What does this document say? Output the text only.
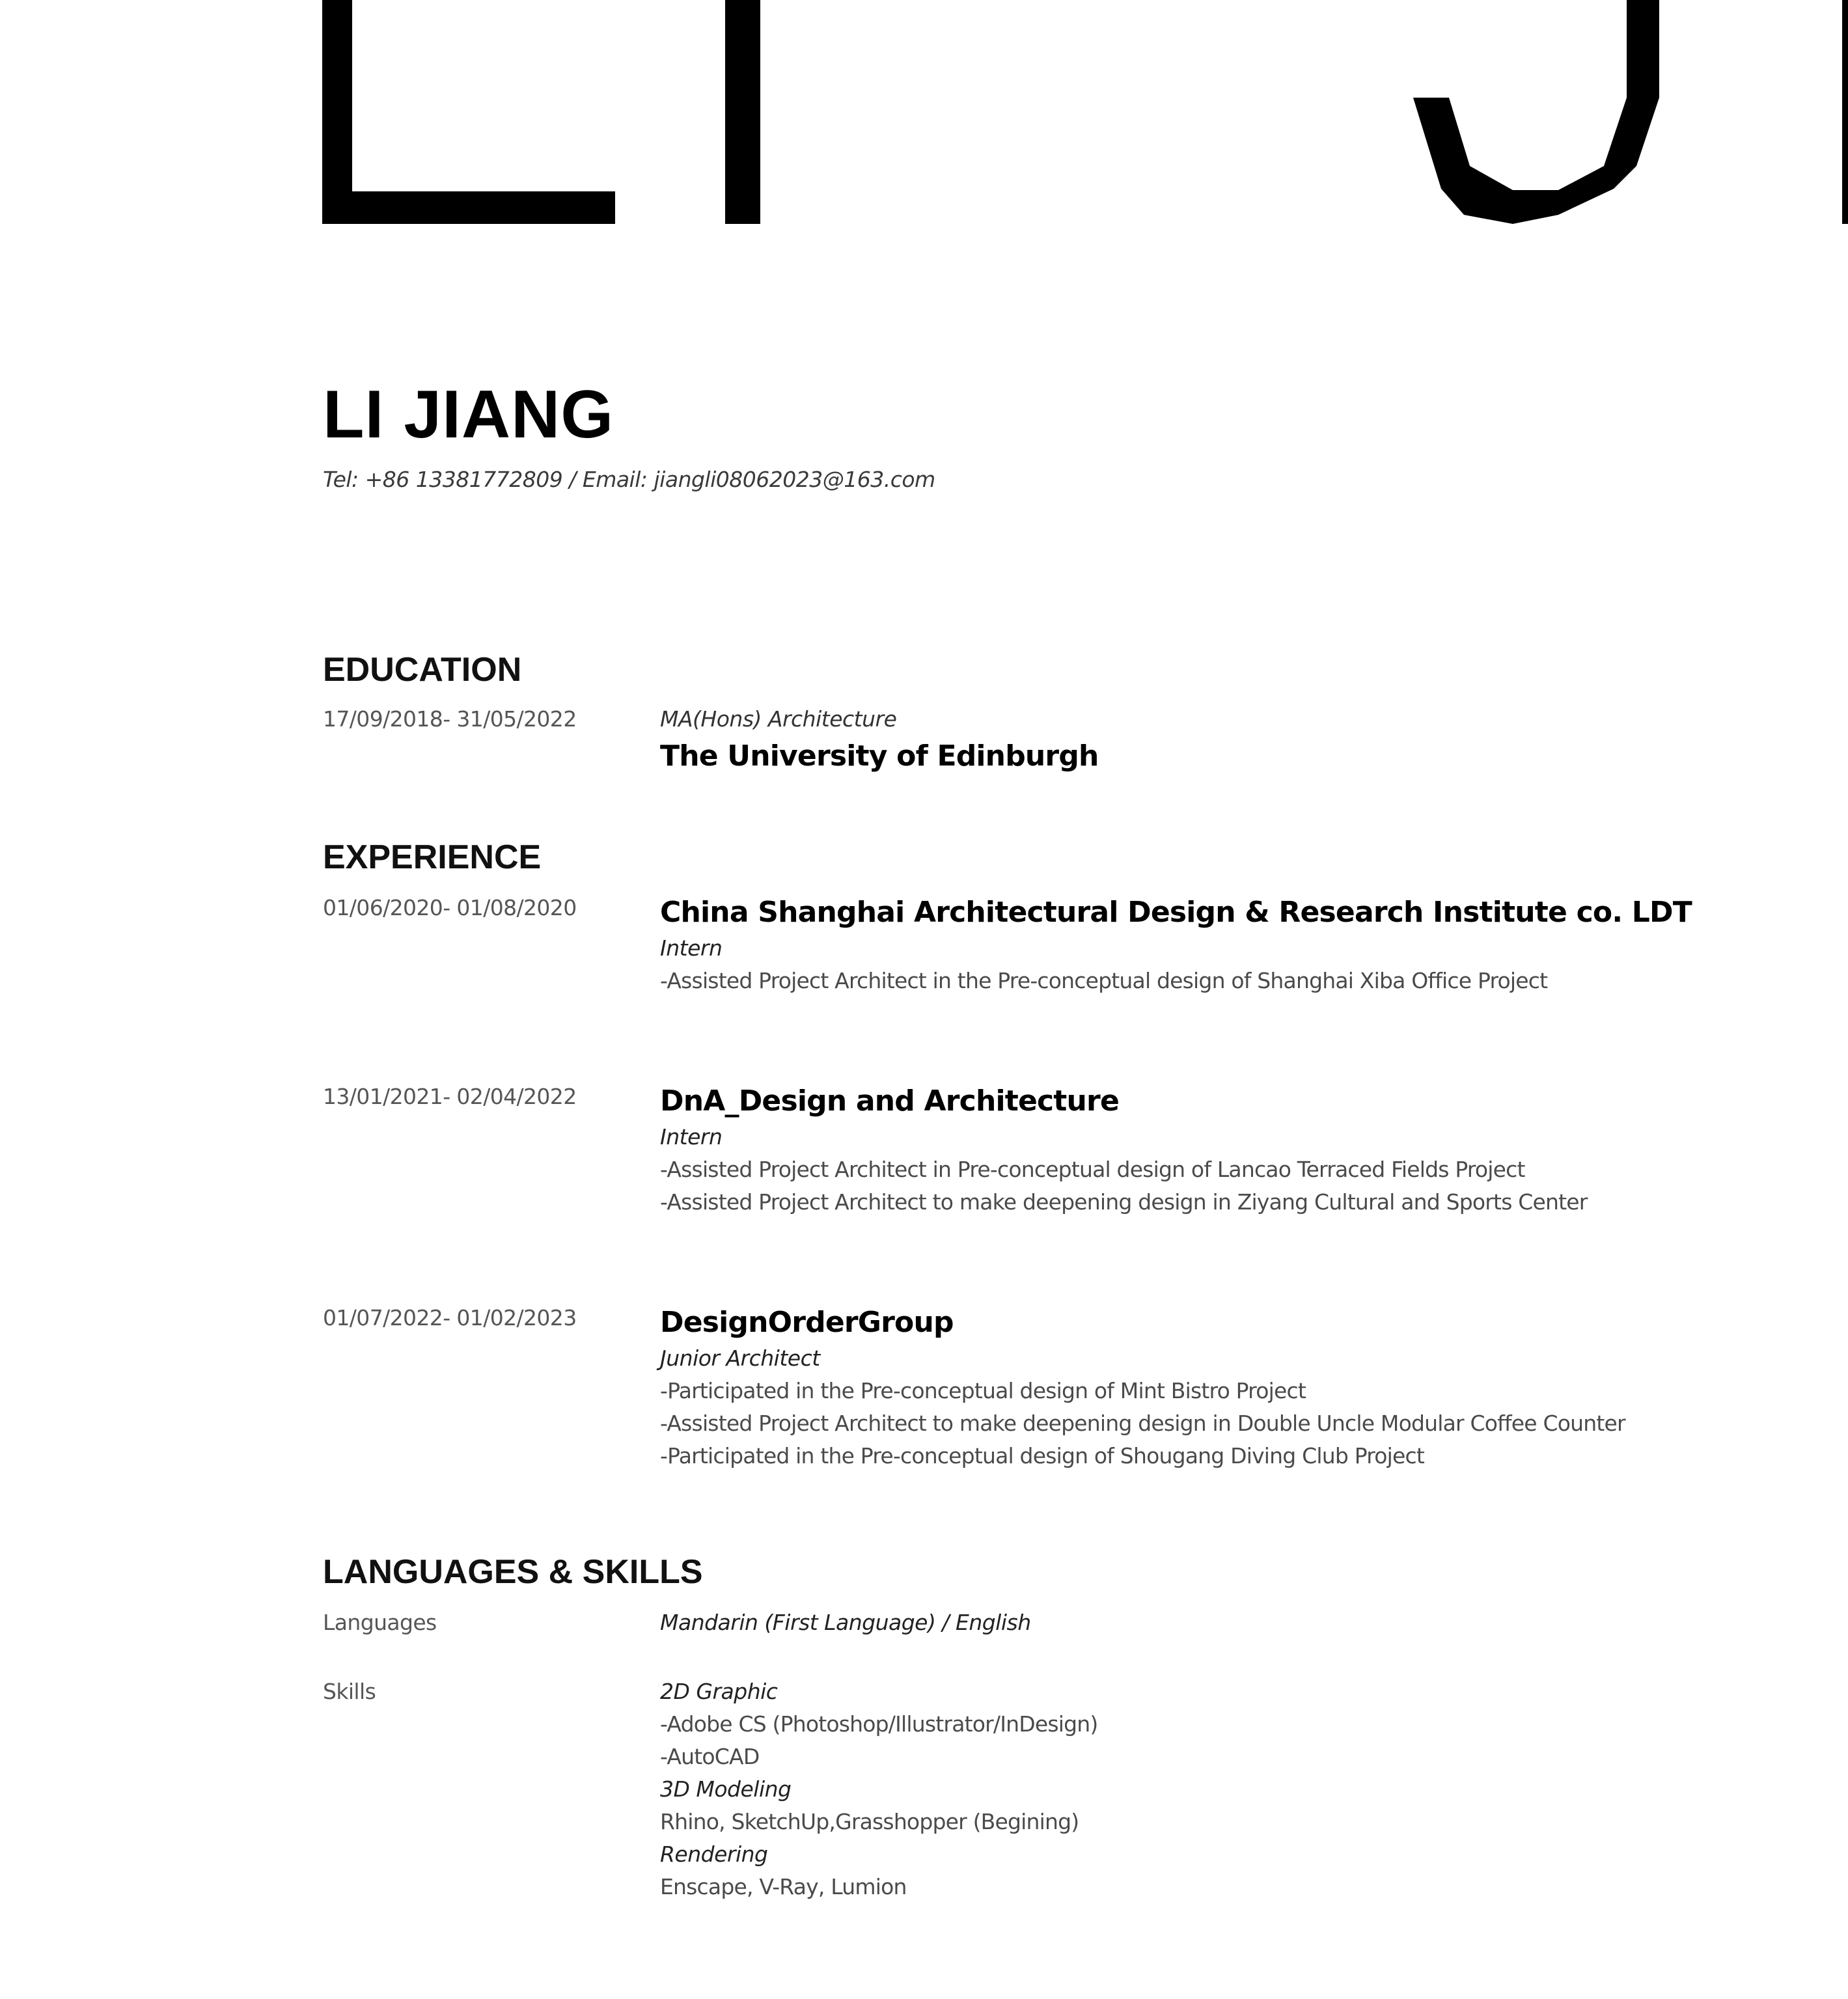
LI JIANG
Tel: +86 13381772809 / Email: jiangli08062023@163.com
EDUCATION
17/09/2018- 31/05/2022	MA(Hons) Architecture
The University of Edinburgh
EXPERIENCE
01/06/2020- 01/08/2020	China Shanghai Architectural Design & Research Institute co. LDT
Intern
-Assisted Project Architect in the Pre-conceptual design of Shanghai Xiba Office Project
13/01/2021- 02/04/2022	DnA_Design and Architecture
Intern
-Assisted Project Architect in Pre-conceptual design of Lancao Terraced Fields Project
-Assisted Project Architect to make deepening design in Ziyang Cultural and Sports Center
01/07/2022- 01/02/2023	DesignOrderGroup
Junior Architect
-Participated in the Pre-conceptual design of Mint Bistro Project
-Assisted Project Architect to make deepening design in Double Uncle Modular Coffee Counter
-Participated in the Pre-conceptual design of Shougang Diving Club Project
LANGUAGES & SKILLS
Languages	Mandarin (First Language) / English
Skills	2D Graphic
-Adobe CS (Photoshop/Illustrator/InDesign)
-AutoCAD
3D Modeling
Rhino, SketchUp,Grasshopper (Begining)
Rendering
Enscape, V-Ray, Lumion
